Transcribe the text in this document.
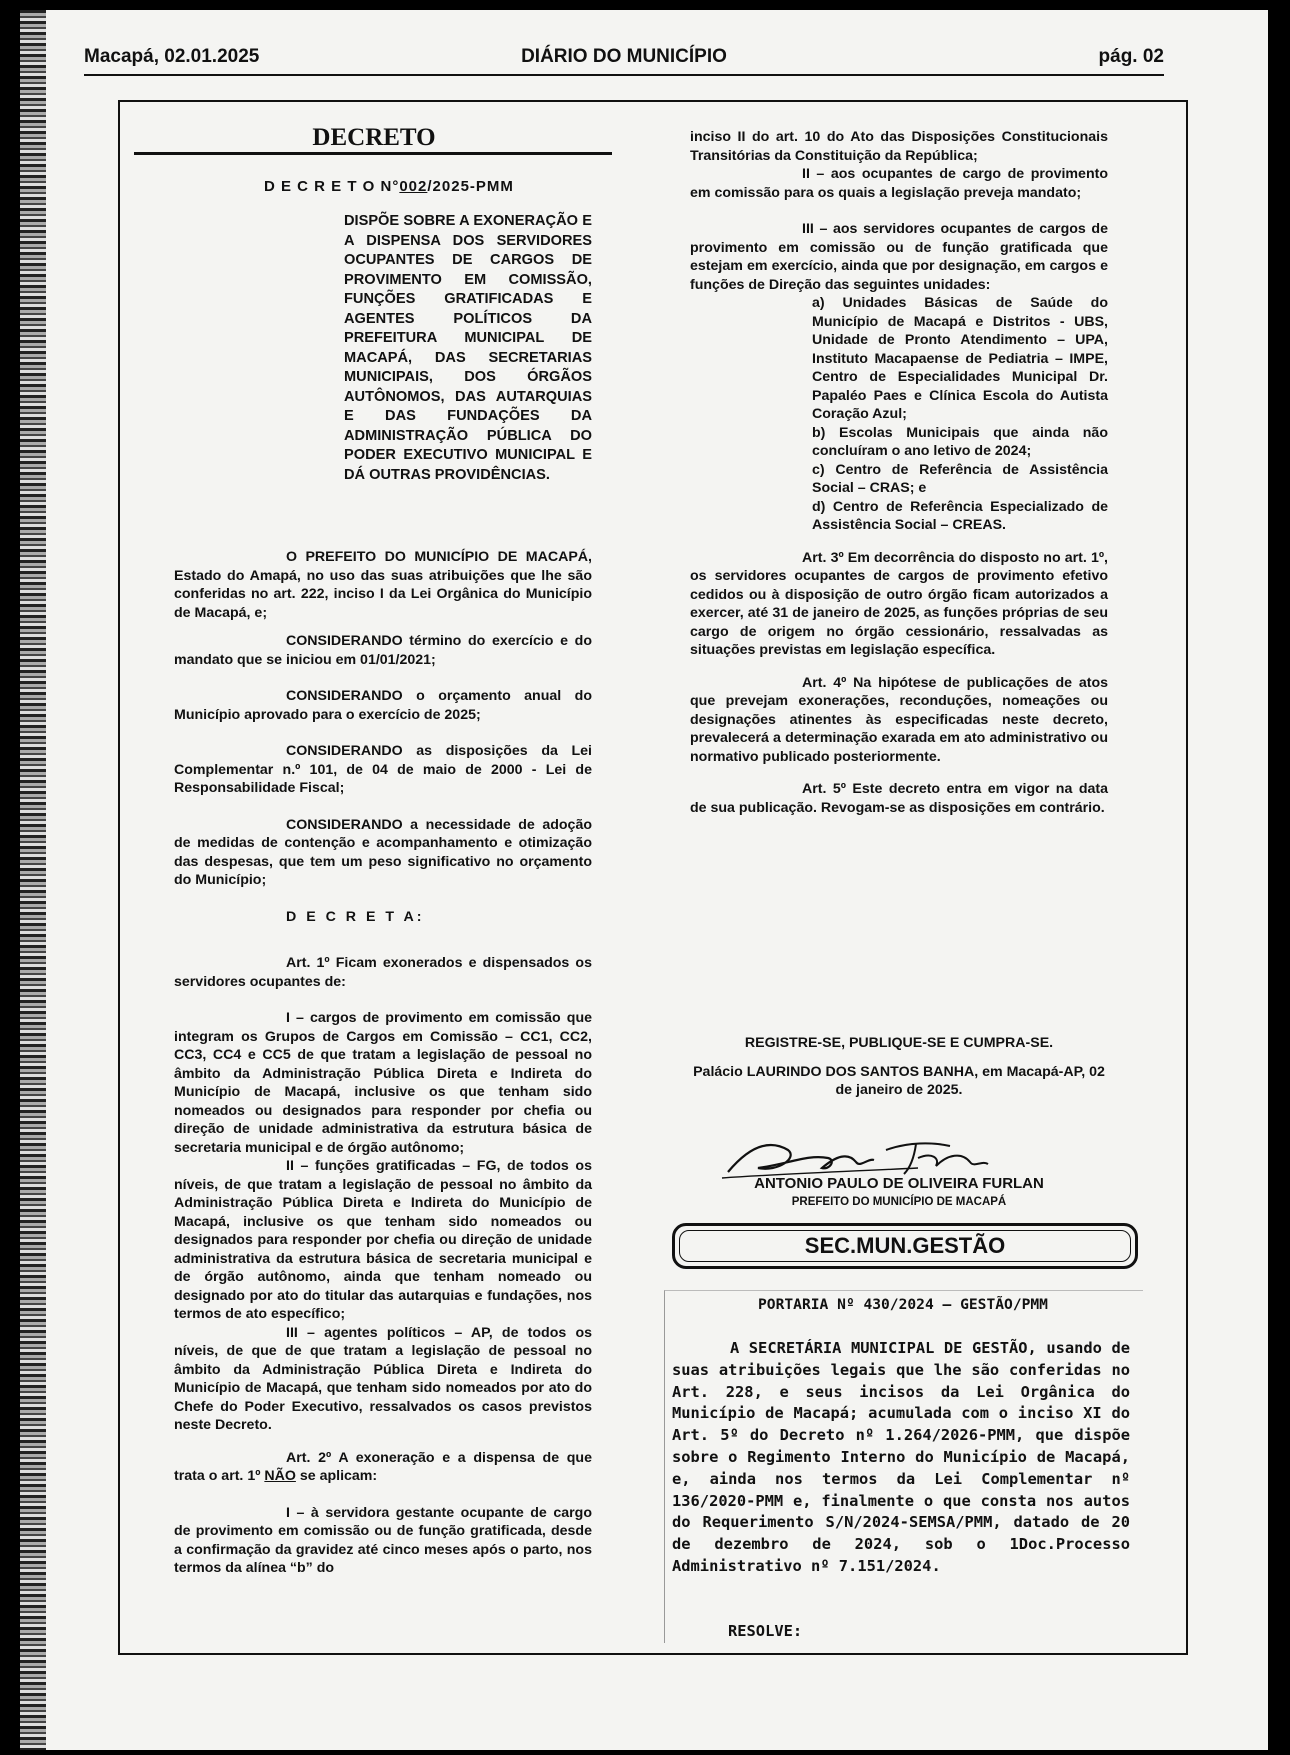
Macapá, 02.01.2025	DIÁRIO DO MUNICÍPIO	pág. 02
DECRETO
D E C R E T O N°002/2025-PMM
DISPÕE SOBRE A EXONERAÇÃO E A DISPENSA DOS SERVIDORES OCUPANTES DE CARGOS DE PROVIMENTO EM COMISSÃO, FUNÇÕES GRATIFICADAS E AGENTES POLÍTICOS DA PREFEITURA MUNICIPAL DE MACAPÁ, DAS SECRETARIAS MUNICIPAIS, DOS ÓRGÃOS AUTÔNOMOS, DAS AUTARQUIAS E DAS FUNDAÇÕES DA ADMINISTRAÇÃO PÚBLICA DO PODER EXECUTIVO MUNICIPAL E DÁ OUTRAS PROVIDÊNCIAS.

O PREFEITO DO MUNICÍPIO DE MACAPÁ, Estado do Amapá, no uso das suas atribuições que lhe são conferidas no art. 222, inciso I da Lei Orgânica do Município de Macapá, e;

CONSIDERANDO término do exercício e do mandato que se iniciou em 01/01/2021;

CONSIDERANDO o orçamento anual do Município aprovado para o exercício de 2025;

CONSIDERANDO as disposições da Lei Complementar n.º 101, de 04 de maio de 2000 - Lei de Responsabilidade Fiscal;

CONSIDERANDO a necessidade de adoção de medidas de contenção e acompanhamento e otimização das despesas, que tem um peso significativo no orçamento do Município;

D E C R E T A:

Art. 1º Ficam exonerados e dispensados os servidores ocupantes de:

I – cargos de provimento em comissão que integram os Grupos de Cargos em Comissão – CC1, CC2, CC3, CC4 e CC5 de que tratam a legislação de pessoal no âmbito da Administração Pública Direta e Indireta do Município de Macapá, inclusive os que tenham sido nomeados ou designados para responder por chefia ou direção de unidade administrativa da estrutura básica de secretaria municipal e de órgão autônomo;

II – funções gratificadas – FG, de todos os níveis, de que tratam a legislação de pessoal no âmbito da Administração Pública Direta e Indireta do Município de Macapá, inclusive os que tenham sido nomeados ou designados para responder por chefia ou direção de unidade administrativa da estrutura básica de secretaria municipal e de órgão autônomo, ainda que tenham nomeado ou designado por ato do titular das autarquias e fundações, nos termos de ato específico;

III – agentes políticos – AP, de todos os níveis, de que de que tratam a legislação de pessoal no âmbito da Administração Pública Direta e Indireta do Município de Macapá, que tenham sido nomeados por ato do Chefe do Poder Executivo, ressalvados os casos previstos neste Decreto.

Art. 2º A exoneração e a dispensa de que trata o art. 1º NÃO se aplicam:

I – à servidora gestante ocupante de cargo de provimento em comissão ou de função gratificada, desde a confirmação da gravidez até cinco meses após o parto, nos termos da alínea “b” do

inciso II do art. 10 do Ato das Disposições Constitucionais Transitórias da Constituição da República;

II – aos ocupantes de cargo de provimento em comissão para os quais a legislação preveja mandato;

III – aos servidores ocupantes de cargos de provimento em comissão ou de função gratificada que estejam em exercício, ainda que por designação, em cargos e funções de Direção das seguintes unidades:

a) Unidades Básicas de Saúde do Município de Macapá e Distritos - UBS, Unidade de Pronto Atendimento – UPA, Instituto Macapaense de Pediatria – IMPE, Centro de Especialidades Municipal Dr. Papaléo Paes e Clínica Escola do Autista Coração Azul;

b) Escolas Municipais que ainda não concluíram o ano letivo de 2024;

c) Centro de Referência de Assistência Social – CRAS; e

d) Centro de Referência Especializado de Assistência Social – CREAS.

Art. 3º Em decorrência do disposto no art. 1º, os servidores ocupantes de cargos de provimento efetivo cedidos ou à disposição de outro órgão ficam autorizados a exercer, até 31 de janeiro de 2025, as funções próprias de seu cargo de origem no órgão cessionário, ressalvadas as situações previstas em legislação específica.

Art. 4º Na hipótese de publicações de atos que prevejam exonerações, reconduções, nomeações ou designações atinentes às especificadas neste decreto, prevalecerá a determinação exarada em ato administrativo ou normativo publicado posteriormente.

Art. 5º Este decreto entra em vigor na data de sua publicação. Revogam-se as disposições em contrário.

REGISTRE-SE, PUBLIQUE-SE E CUMPRA-SE.

Palácio LAURINDO DOS SANTOS BANHA, em Macapá-AP, 02 de janeiro de 2025.

ANTONIO PAULO DE OLIVEIRA FURLAN
PREFEITO DO MUNICÍPIO DE MACAPÁ
SEC.MUN.GESTÃO
PORTARIA Nº 430/2024 – GESTÃO/PMM

A SECRETÁRIA MUNICIPAL DE GESTÃO, usando de suas atribuições legais que lhe são conferidas no Art. 228, e seus incisos da Lei Orgânica do Município de Macapá; acumulada com o inciso XI do Art. 5º do Decreto nº 1.264/2026-PMM, que dispõe sobre o Regimento Interno do Município de Macapá, e, ainda nos termos da Lei Complementar nº 136/2020-PMM e, finalmente o que consta nos autos do Requerimento S/N/2024-SEMSA/PMM, datado de 20 de dezembro de 2024, sob o 1Doc.Processo Administrativo nº 7.151/2024.

RESOLVE:
